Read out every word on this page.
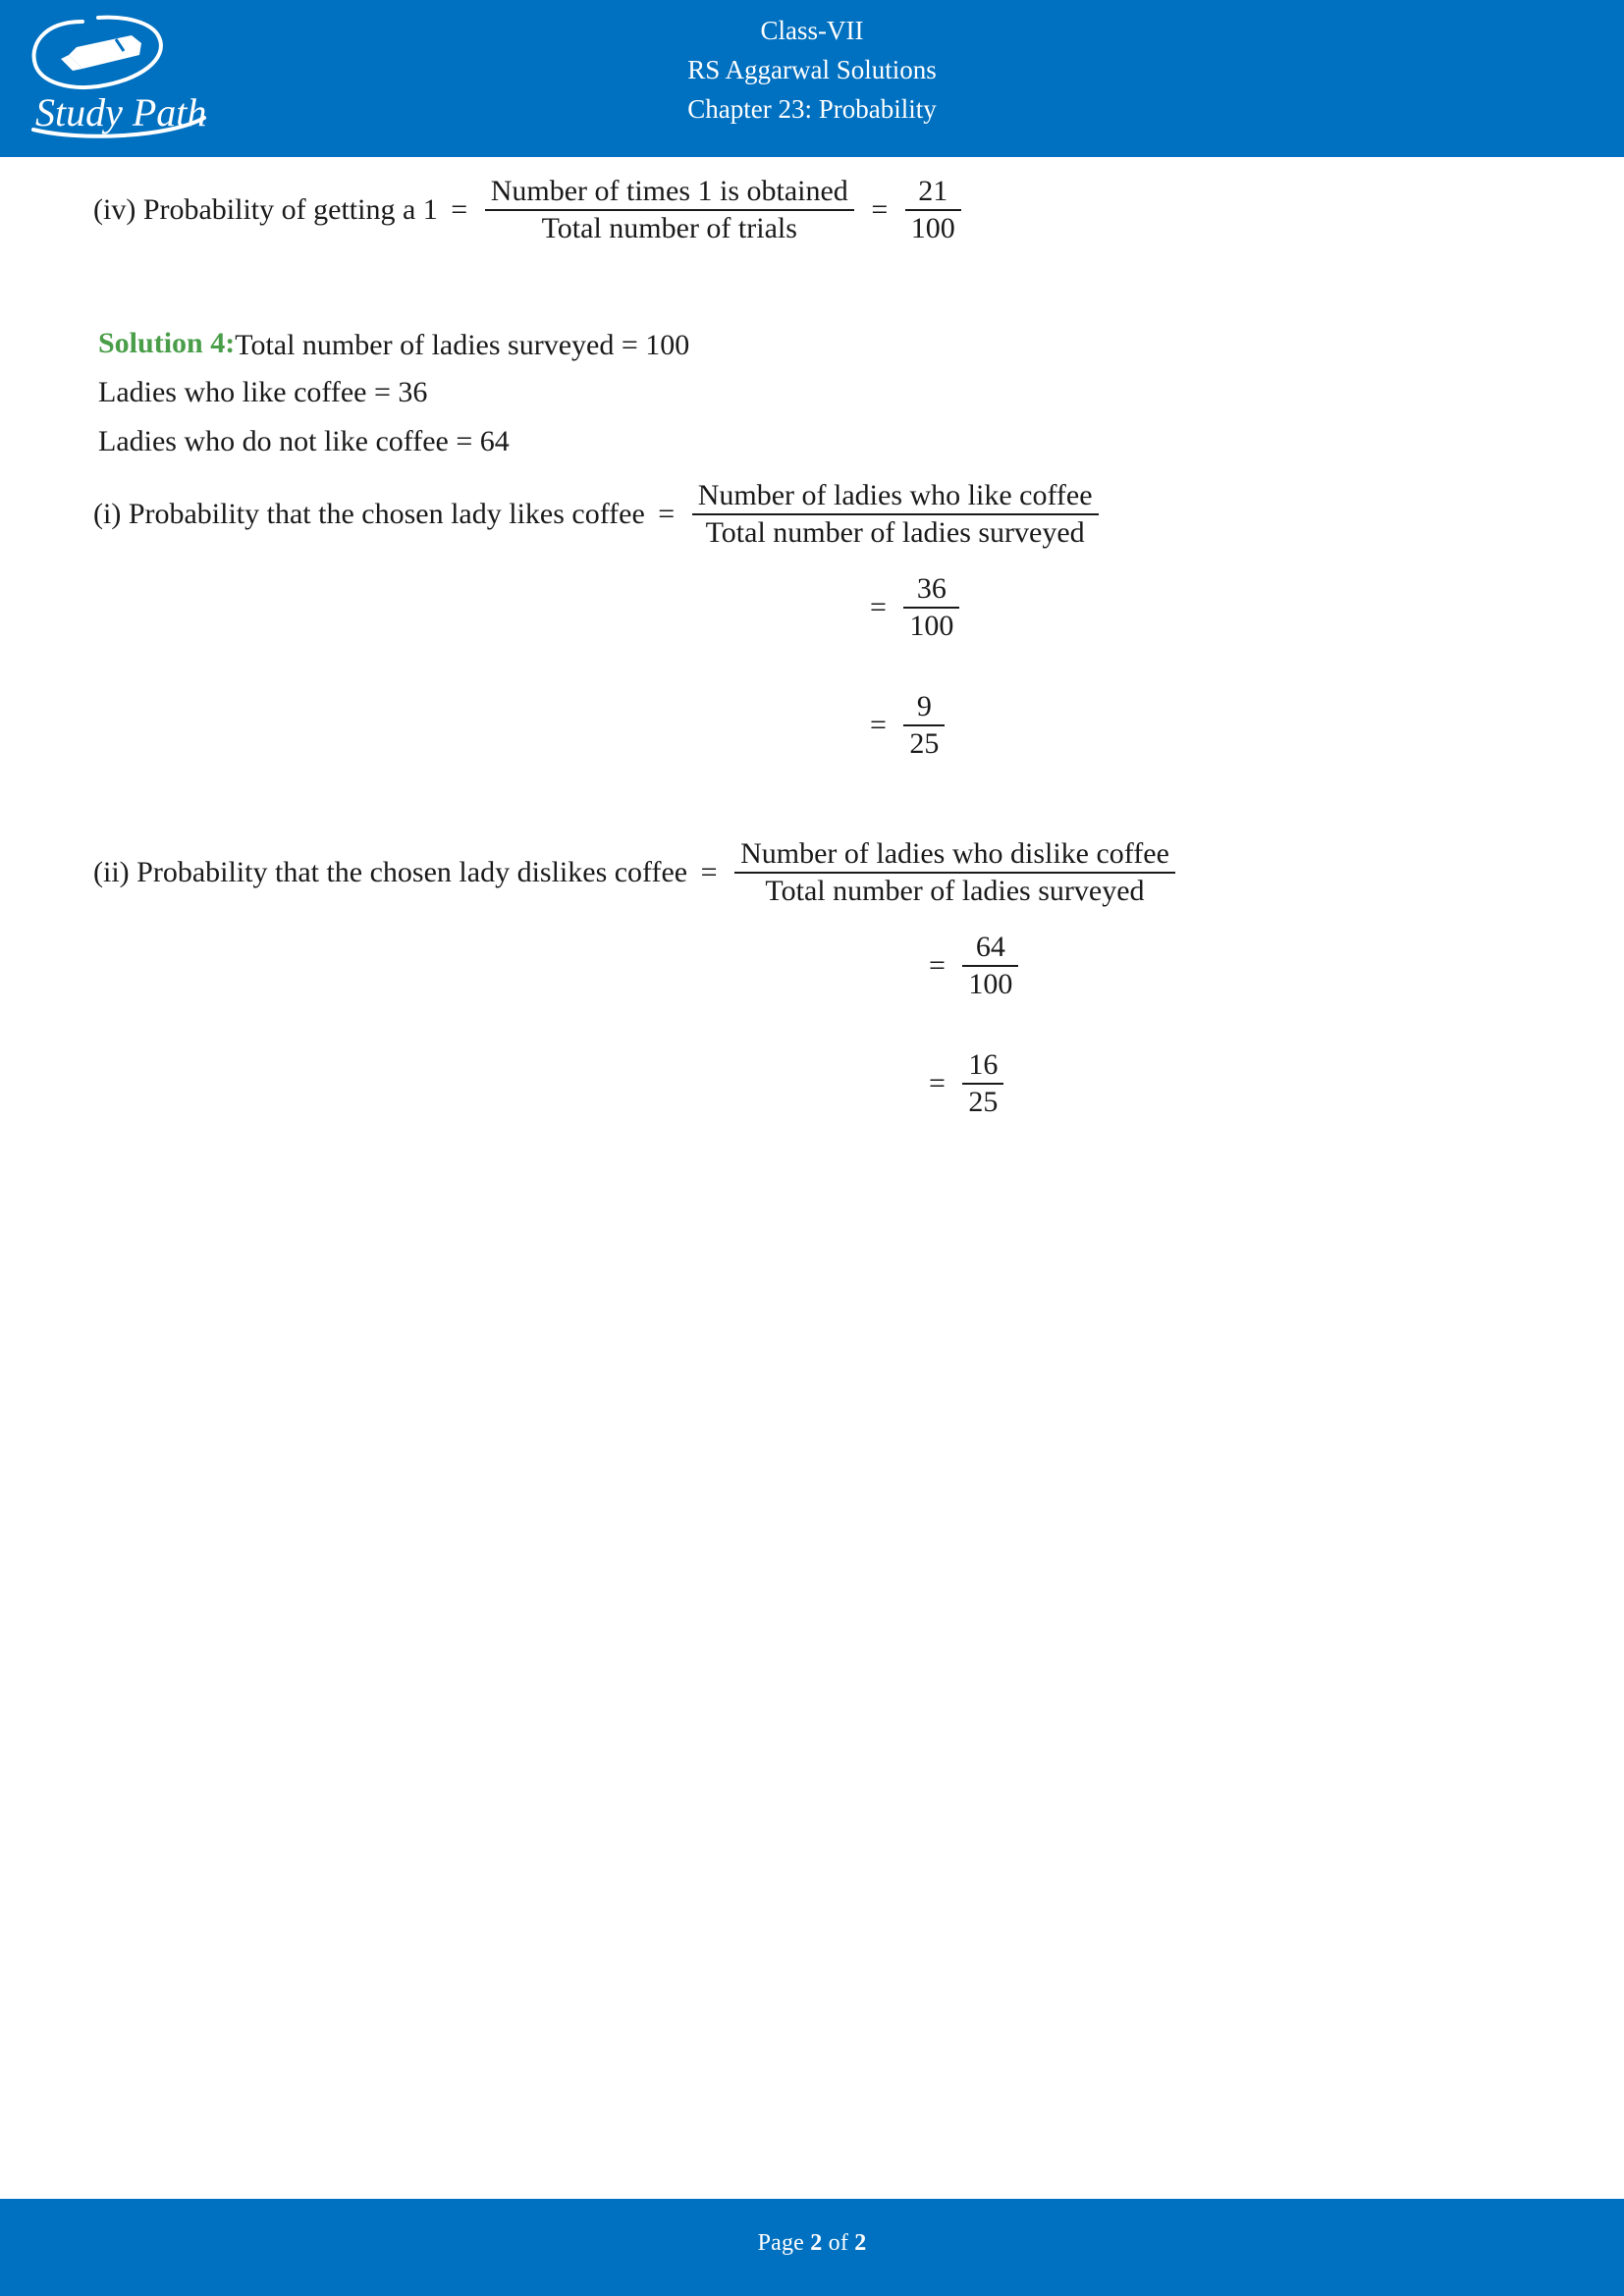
Study Path
Class-VII
RS Aggarwal Solutions
Chapter 23: Probability
(iv) Probability of getting a $1 = \frac{\text{Number of times 1 is obtained}}{\text{Total number of trials}} = \frac{21}{100}$
Solution 4:Total number of ladies surveyed = 100
Ladies who like coffee = 36
Ladies who do not like coffee = 64
(i) Probability that the chosen lady likes coffee = $\frac{\text{Number of ladies who like coffee}}{\text{Total number of ladies surveyed}}$
= $\frac{36}{100}$
= $\frac{9}{25}$
(ii) Probability that the chosen lady dislikes coffee = $\frac{\text{Number of ladies who dislike coffee}}{\text{Total number of ladies surveyed}}$
= $\frac{64}{100}$
= $\frac{16}{25}$
Page 2 of 2
